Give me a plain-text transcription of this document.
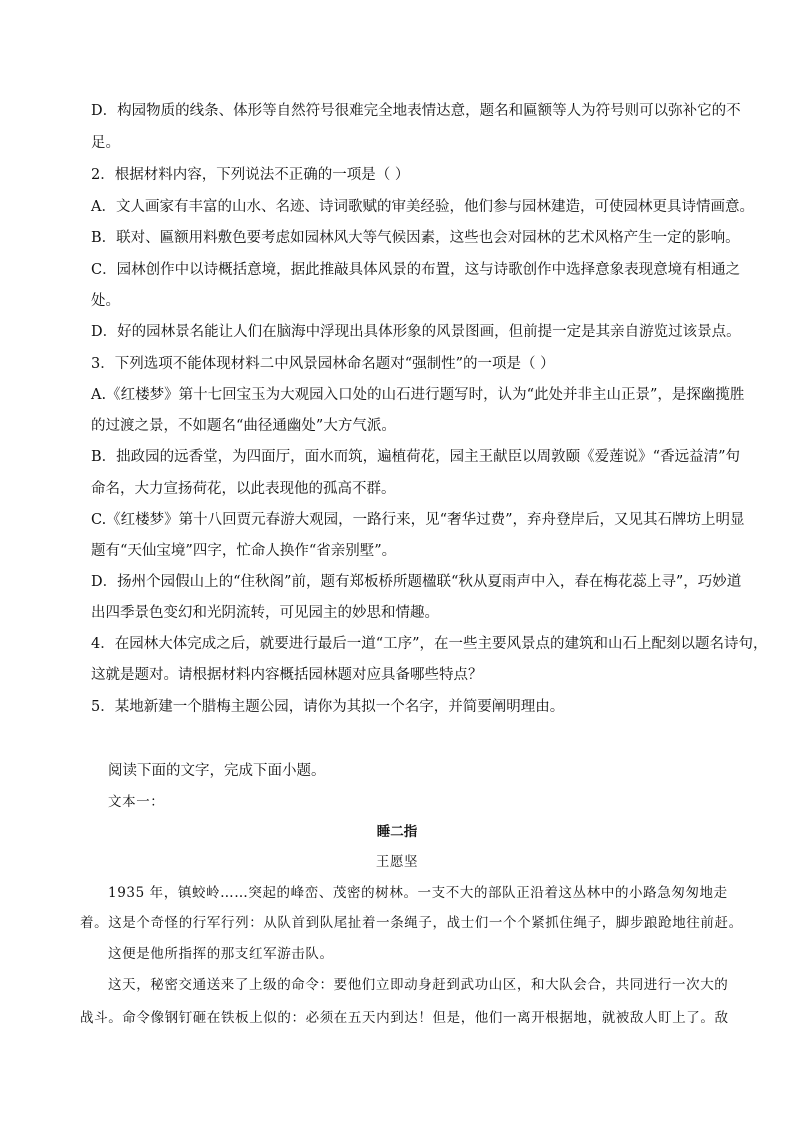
D．构园物质的线条、体形等自然符号很难完全地表情达意，题名和匾额等人为符号则可以弥补它的不
足。
2．根据材料内容，下列说法不正确的一项是（ ）
A．文人画家有丰富的山水、名迹、诗词歌赋的审美经验，他们参与园林建造，可使园林更具诗情画意。
B．联对、匾额用料敷色要考虑如园林风大等气候因素，这些也会对园林的艺术风格产生一定的影响。
C．园林创作中以诗概括意境，据此推敲具体风景的布置，这与诗歌创作中选择意象表现意境有相通之
处。
D．好的园林景名能让人们在脑海中浮现出具体形象的风景图画，但前提一定是其亲自游览过该景点。
3．下列选项不能体现材料二中风景园林命名题对“强制性”的一项是（ ）
A.《红楼梦》第十七回宝玉为大观园入口处的山石进行题写时，认为“此处并非主山正景”，是探幽揽胜
的过渡之景，不如题名“曲径通幽处”大方气派。
B．拙政园的远香堂，为四面厅，面水而筑，遍植荷花，园主王献臣以周敦颐《爱莲说》“香远益清”句
命名，大力宣扬荷花，以此表现他的孤高不群。
C.《红楼梦》第十八回贾元春游大观园，一路行来，见“奢华过费”，弃舟登岸后，又见其石牌坊上明显
题有“天仙宝境”四字，忙命人换作“省亲别墅”。
D．扬州个园假山上的“住秋阁”前，题有郑板桥所题楹联“秋从夏雨声中入，春在梅花蕊上寻”，巧妙道
出四季景色变幻和光阴流转，可见园主的妙思和情趣。
4．在园林大体完成之后，就要进行最后一道“工序”，在一些主要风景点的建筑和山石上配刻以题名诗句，
这就是题对。请根据材料内容概括园林题对应具备哪些特点？
5．某地新建一个腊梅主题公园，请你为其拟一个名字，并简要阐明理由。
阅读下面的文字，完成下面小题。
文本一：
睡二指
王愿坚
1935 年，镇蛟岭……突起的峰峦、茂密的树林。一支不大的部队正沿着这丛林中的小路急匆匆地走
着。这是个奇怪的行军行列：从队首到队尾扯着一条绳子，战士们一个个紧抓住绳子，脚步踉跄地往前赶。
这便是他所指挥的那支红军游击队。
这天，秘密交通送来了上级的命令：要他们立即动身赶到武功山区，和大队会合，共同进行一次大的
战斗。命令像钢钉砸在铁板上似的：必须在五天内到达！但是，他们一离开根据地，就被敌人盯上了。敌
